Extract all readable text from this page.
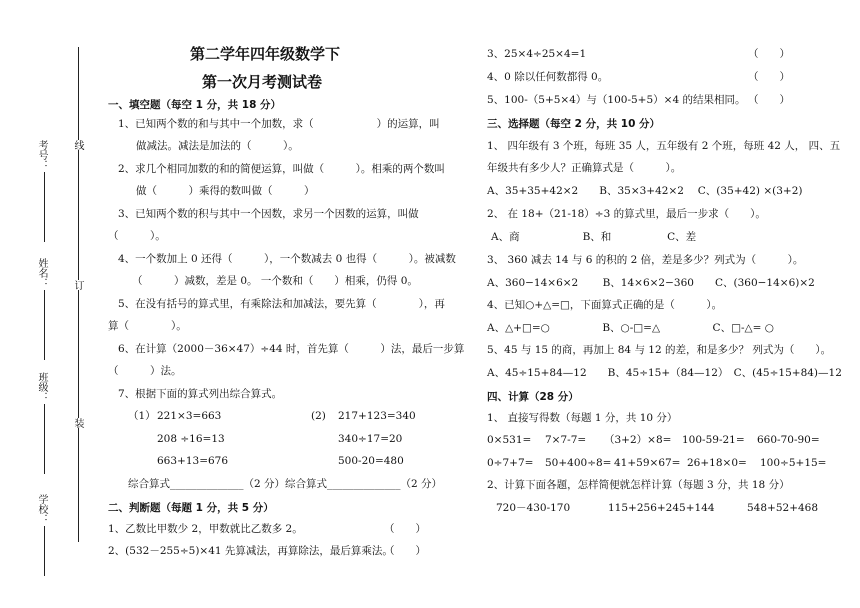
线
订
装
考号：
姓名：
班级：
学校：
第二学年四年级数学下
第一次月考测试卷
一、填空题（每空 1 分，共 18 分）
1、已知两个数的和与其中一个加数，求（　　　　　　）的运算，叫
做减法。减法是加法的（　　　）。
2、求几个相同加数的和的简便运算，叫做（　　　）。相乘的两个数叫
做（　　　）乘得的数叫做（　　　）
3、已知两个数的积与其中一个因数，求另一个因数的运算，叫做
（　　　）。
4、一个数加上 0 还得（　　　），一个数减去 0 也得（　　　）。被减数
（　　　）减数，差是 0。 一个数和（　　）相乘，仍得 0。
5、在没有括号的算式里，有乘除法和加减法，要先算（　　　　），再
算（　　　　）。
6、在计算（2000－36×47）÷44 时，首先算（　　　）法，最后一步算
（　　　）法。
7、根据下面的算式列出综合算式。
（1） 221×3=663
208 ÷16=13
663+13=676
(2) 217+123=340
340÷17=20
500-20=480
综合算式______________（2 分）综合算式______________（2 分）
二、判断题（每题 1 分，共 5 分）
1、乙数比甲数少 2，甲数就比乙数多 2。	（　　）
2、(532－255÷5)×41 先算减法，再算除法，最后算乘法。
（　　）
3、25×4÷25×4=1	（　　）
4、0 除以任何数都得 0。	（　　）
5、100-（5+5×4）与（100-5+5）×4 的结果相同。 （　　）
三、选择题（每空 2 分，共 10 分）
1、 四年级有 3 个班，每班 35 人，五年级有 2 个班，每班 42 人， 四、五
年级共有多少人？正确算式是（　　　）。
A、35+35+42×2　　B、35×3+42×2　 C、(35+42) ×(3+2)
2、 在 18+（21-18）÷3 的算式里，最后一步求（　　）。
A、商　　　　　　B、和　　　　　 C、差
3、 360 减去 14 与 6 的积的 2 倍，差是多少？列式为（　　　）。
A、360−14×6×2　　 B、14×6×2−360　　C、(360−14×6)×2
4、已知○+△=□，下面算式正确的是（　　　）。
A、△+□=○　　　　　B、○-□=△　　　　　C、□-△= ○
5、45 与 15 的商，再加上 84 与 12 的差，和是多少？ 列式为（　　）。
A、45÷15+84—12　　B、45÷15+（84—12）　C、(45÷15+84)—12
四、计算（28 分）
1、 直接写得数（每题 1 分，共 10 分）
0×531= 7×7-7= （3+2）×8= 100-59-21= 660-70-90=
0÷7+7= 50+400÷8= 41+59×67= 26+18×0= 100÷5+15=
2、计算下面各题，怎样简便就怎样计算（每题 3 分，共 18 分）
720－430-170	115+256+245+144	548+52+468
